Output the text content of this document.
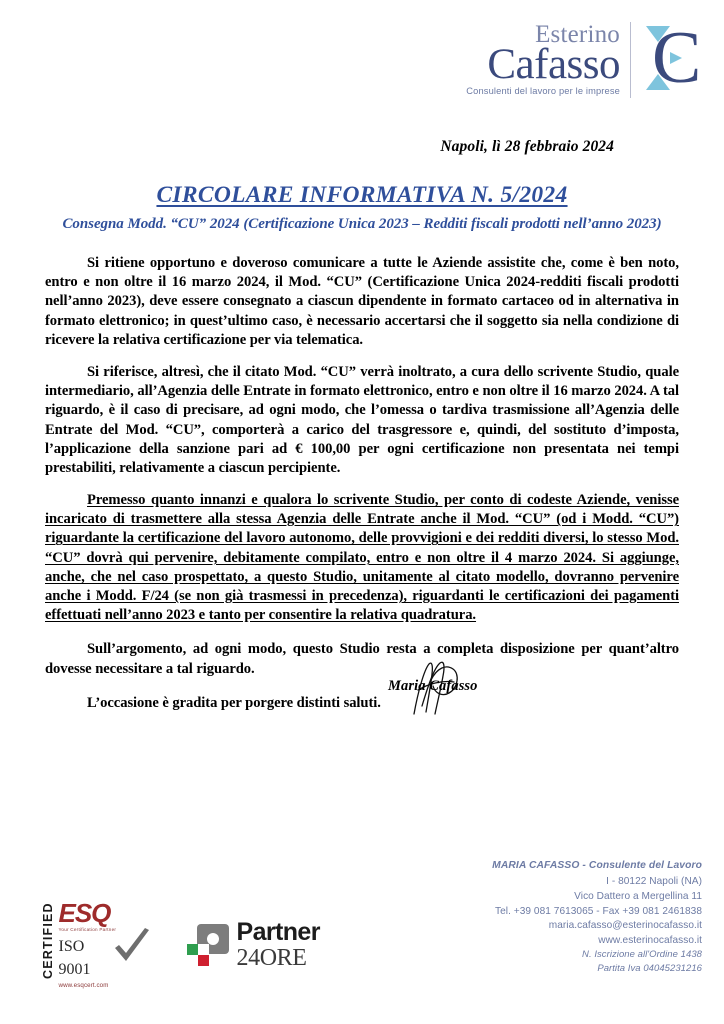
Esterino
Cafasso
Consulenti del lavoro per le imprese C
Napoli, lì 28 febbraio 2024
CIRCOLARE INFORMATIVA N. 5/2024
Consegna Modd. “CU” 2024 (Certificazione Unica 2023 – Redditi fiscali prodotti nell’anno 2023)

Si ritiene opportuno e doveroso comunicare a tutte le Aziende assistite che, come è ben noto, entro e non oltre il 16 marzo 2024, il Mod. “CU” (Certificazione Unica 2024-redditi fiscali prodotti nell’anno 2023), deve essere consegnato a ciascun dipendente in formato cartaceo od in alternativa in formato elettronico; in quest’ultimo caso, è necessario accertarsi che il soggetto sia nella condizione di ricevere la relativa certificazione per via telematica.

Si riferisce, altresì, che il citato Mod. “CU” verrà inoltrato, a cura dello scrivente Studio, quale intermediario, all’Agenzia delle Entrate in formato elettronico, entro e non oltre il 16 marzo 2024. A tal riguardo, è il caso di precisare, ad ogni modo, che l’omessa o tardiva trasmissione all’Agenzia delle Entrate del Mod. “CU”, comporterà a carico del trasgressore e, quindi, del sostituto d’imposta, l’applicazione della sanzione pari ad € 100,00 per ogni certificazione non presentata nei tempi prestabiliti, relativamente a ciascun percipiente.

Premesso quanto innanzi e qualora lo scrivente Studio, per conto di codeste Aziende, venisse incaricato di trasmettere alla stessa Agenzia delle Entrate anche il Mod. “CU” (od i Modd. “CU”) riguardante la certificazione del lavoro autonomo, delle provvigioni e dei redditi diversi, lo stesso Mod. “CU” dovrà qui pervenire, debitamente compilato, entro e non oltre il 4 marzo 2024. Si aggiunge, anche, che nel caso prospettato, a questo Studio, unitamente al citato modello, dovranno pervenire anche i Modd. F/24 (se non già trasmessi in precedenza), riguardanti le certificazioni dei pagamenti effettuati nell’anno 2023 e tanto per consentire la relativa quadratura.

Sull’argomento, ad ogni modo, questo Studio resta a completa disposizione per quant’altro dovesse necessitare a tal riguardo.

L’occasione è gradita per porgere distinti saluti.

Maria Cafasso
CERTIFIED ESQ
Your Certification Partner
ISO
9001
www.esqcert.com
Partner
24ORE
MARIA CAFASSO - Consulente del Lavoro
I - 80122 Napoli (NA)
Vico Dattero a Mergellina 11
Tel. +39 081 7613065 - Fax +39 081 2461838
maria.cafasso@esterinocafasso.it
www.esterinocafasso.it
N. Iscrizione all'Ordine 1438
Partita Iva 04045231216
